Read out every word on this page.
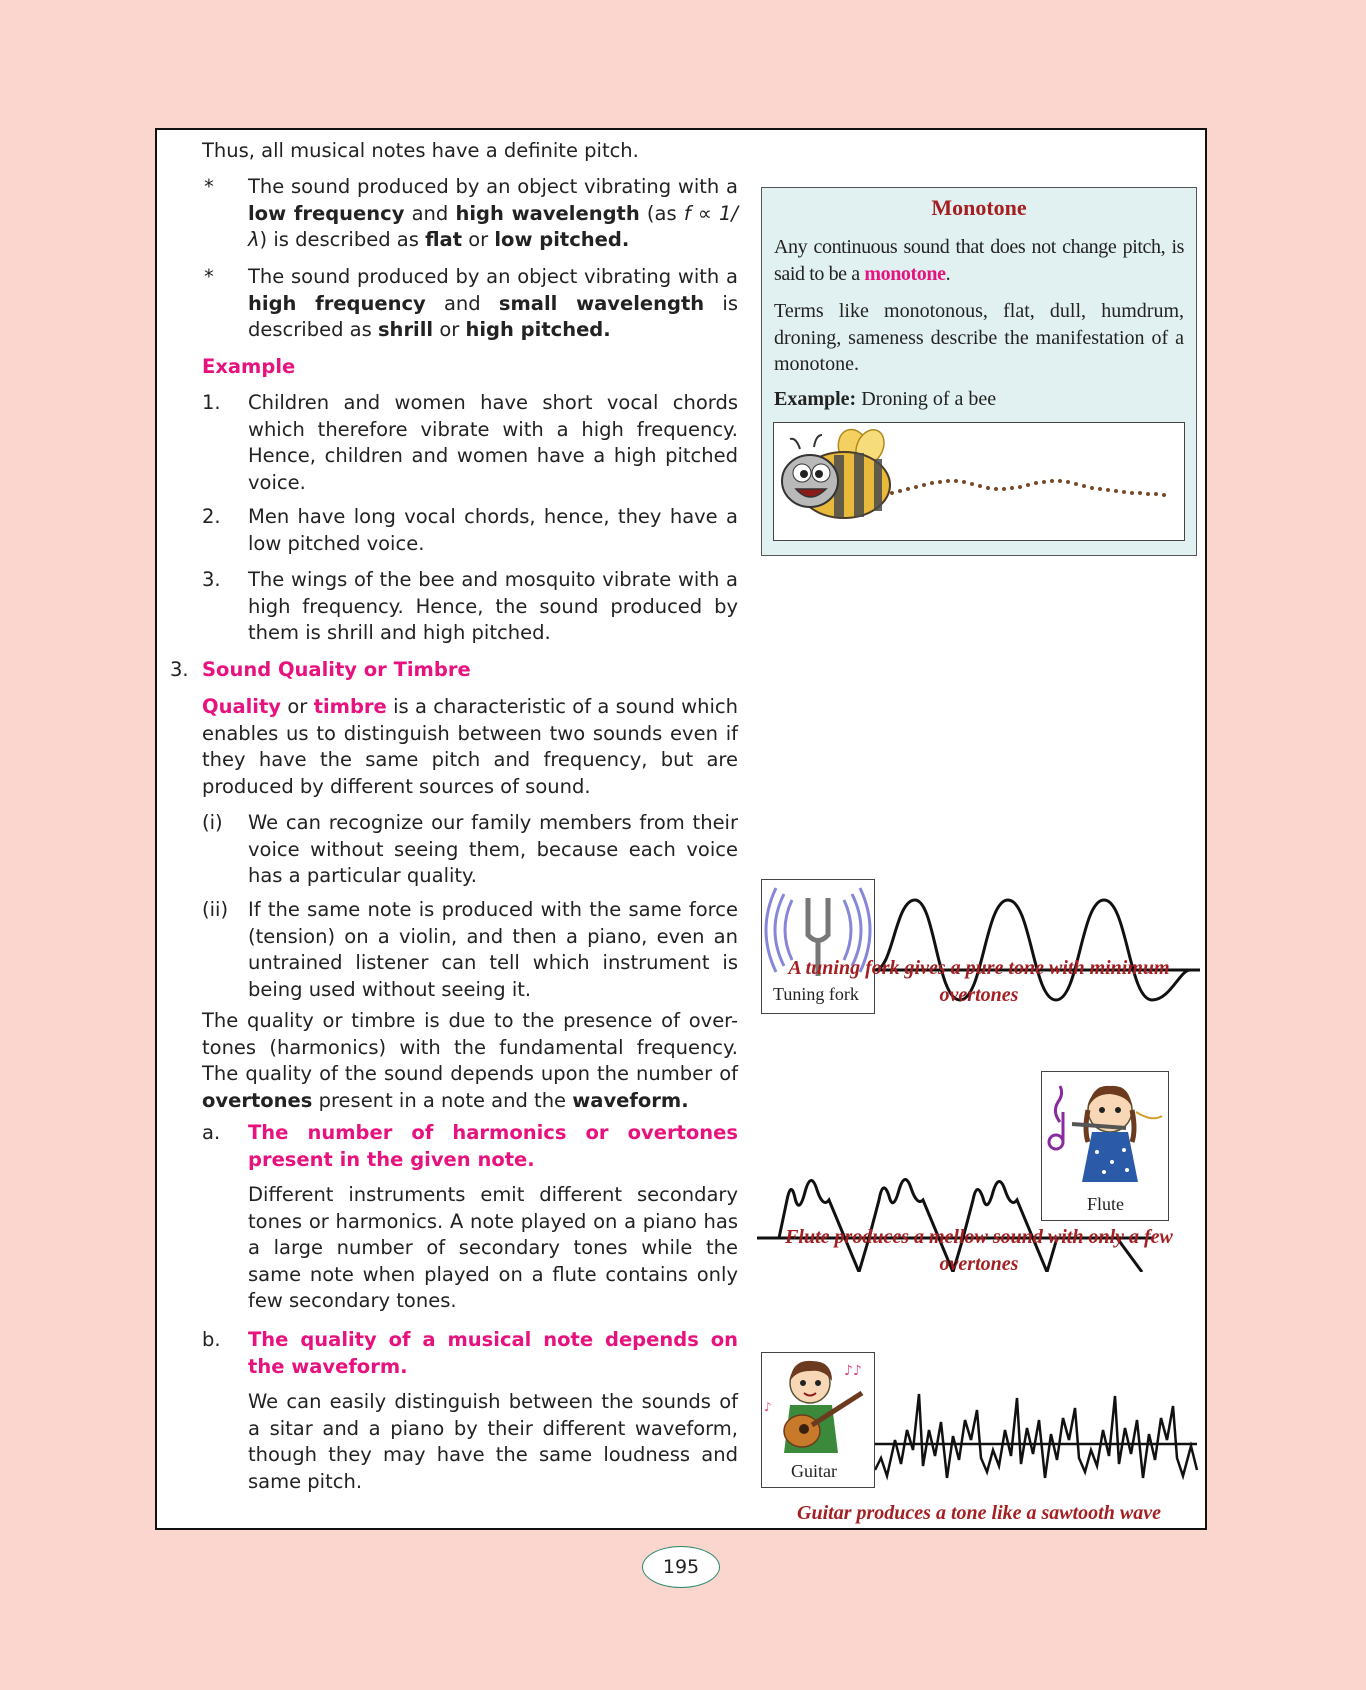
Thus, all musical notes have a definite pitch.
* The sound produced by an object vibrating with a low frequency and high wavelength (as f ∝ 1/λ) is described as flat or low pitched.
* The sound produced by an object vibrating with a high frequency and small wavelength is described as shrill or high pitched.
Example
1. Children and women have short vocal chords which therefore vibrate with a high frequency. Hence, children and women have a high pitched voice.
2. Men have long vocal chords, hence, they have a low pitched voice.
3. The wings of the bee and mosquito vibrate with a high frequency. Hence, the sound produced by them is shrill and high pitched.
3. Sound Quality or Timbre
Quality or timbre is a characteristic of a sound which enables us to distinguish between two sounds even if they have the same pitch and frequency, but are produced by different sources of sound.
(i) We can recognize our family members from their voice without seeing them, because each voice has a particular quality.
(ii) If the same note is produced with the same force (tension) on a violin, and then a piano, even an untrained listener can tell which instrument is being used without seeing it.
The quality or timbre is due to the presence of over-tones (harmonics) with the fundamental frequency. The quality of the sound depends upon the number of overtones present in a note and the waveform.
a. The number of harmonics or overtones present in the given note.
Different instruments emit different secondary tones or harmonics. A note played on a piano has a large number of secondary tones while the same note when played on a flute contains only few secondary tones.
b. The quality of a musical note depends on the waveform.
We can easily distinguish between the sounds of a sitar and a piano by their different waveform, though they may have the same loudness and same pitch.
Monotone

Any continuous sound that does not change pitch, is said to be a monotone.

Terms like monotonous, flat, dull, humdrum, droning, sameness describe the manifestation of a monotone.

Example: Droning of a bee

Tuning fork
A tuning fork gives a pure tone with minimum overtones
Flute
Flute produces a mellow sound with only a few overtones
♪♪
♪
Guitar
Guitar produces a tone like a sawtooth wave
195
